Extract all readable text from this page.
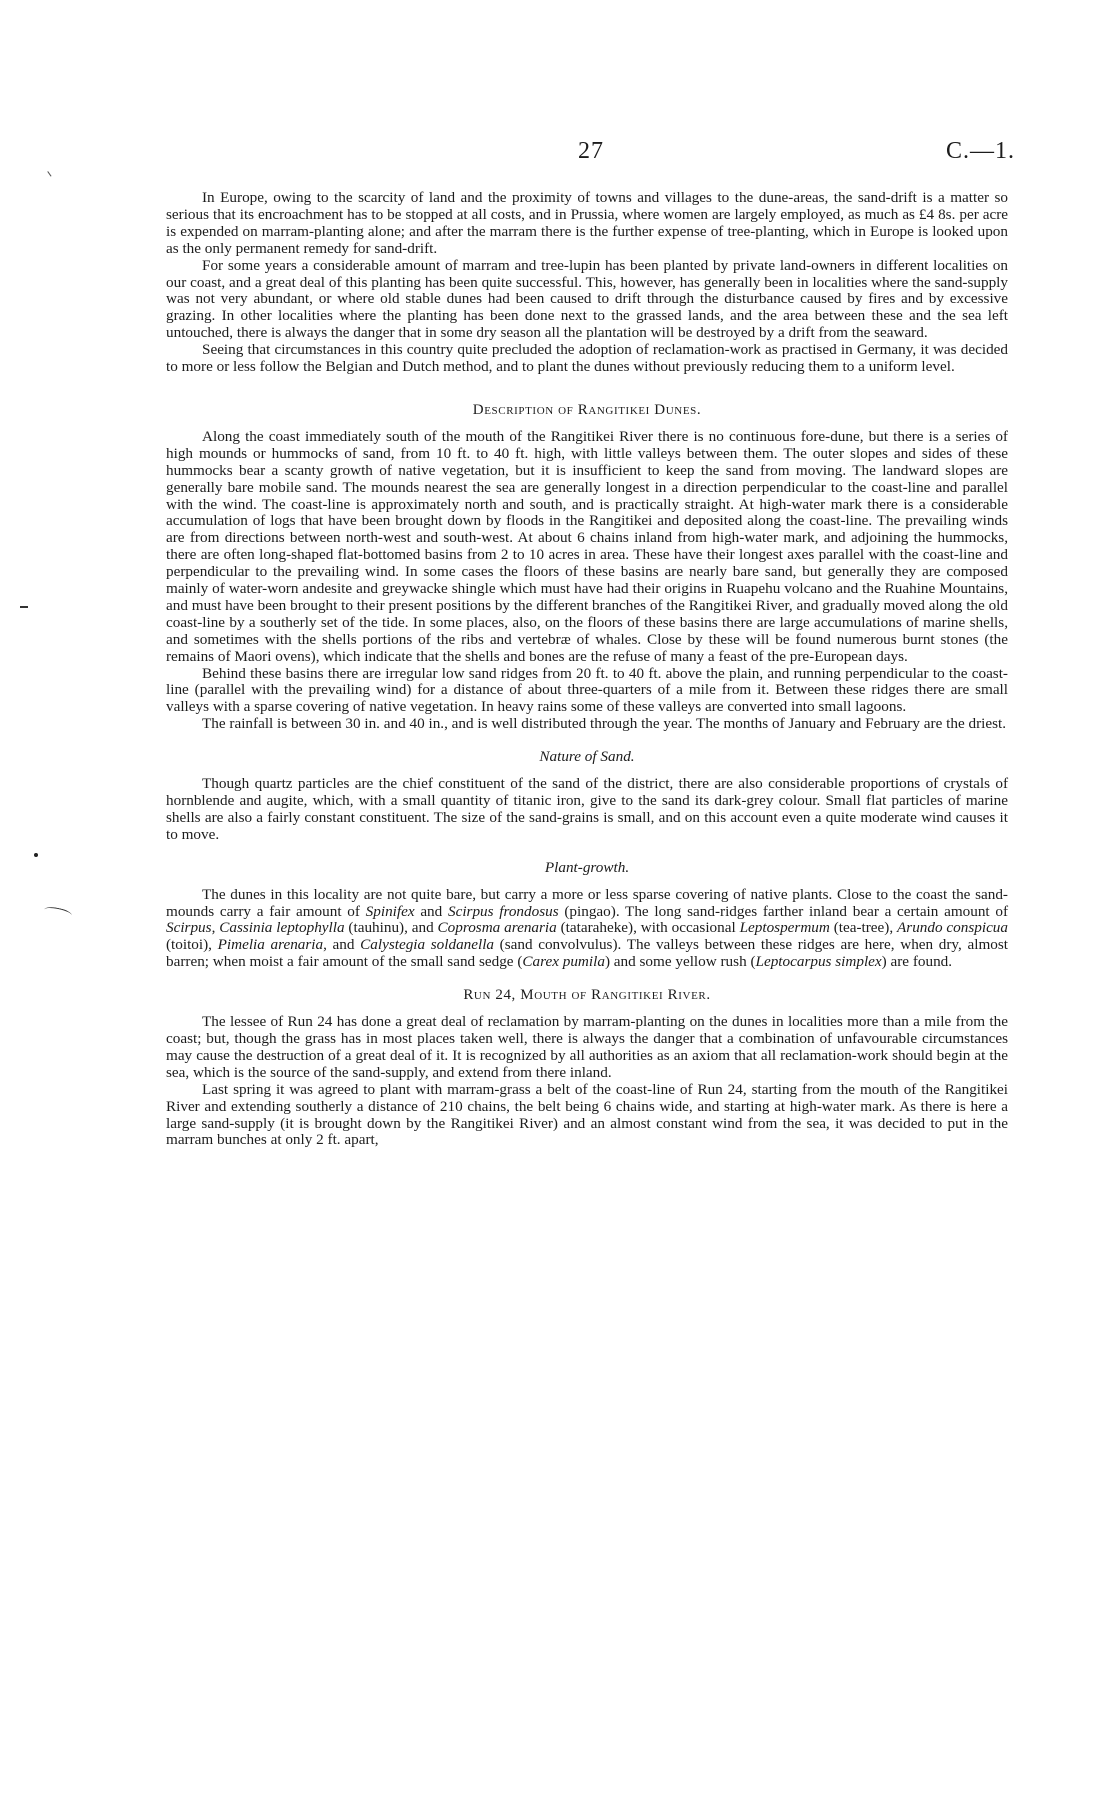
27	C.—1.

In Europe, owing to the scarcity of land and the proximity of towns and villages to the dune-areas, the sand-drift is a matter so serious that its encroachment has to be stopped at all costs, and in Prussia, where women are largely employed, as much as £4 8s. per acre is expended on marram-planting alone; and after the marram there is the further expense of tree-planting, which in Europe is looked upon as the only permanent remedy for sand-drift.

For some years a considerable amount of marram and tree-lupin has been planted by private land-owners in different localities on our coast, and a great deal of this planting has been quite successful. This, however, has generally been in localities where the sand-supply was not very abundant, or where old stable dunes had been caused to drift through the disturbance caused by fires and by excessive grazing. In other localities where the planting has been done next to the grassed lands, and the area between these and the sea left untouched, there is always the danger that in some dry season all the plantation will be destroyed by a drift from the seaward.

Seeing that circumstances in this country quite precluded the adoption of reclamation-work as practised in Germany, it was decided to more or less follow the Belgian and Dutch method, and to plant the dunes without previously reducing them to a uniform level.

Description of Rangitikei Dunes.

Along the coast immediately south of the mouth of the Rangitikei River there is no continuous fore-dune, but there is a series of high mounds or hummocks of sand, from 10 ft. to 40 ft. high, with little valleys between them. The outer slopes and sides of these hummocks bear a scanty growth of native vegetation, but it is insufficient to keep the sand from moving. The landward slopes are generally bare mobile sand. The mounds nearest the sea are generally longest in a direction perpendicular to the coast-line and parallel with the wind. The coast-line is approximately north and south, and is practically straight. At high-water mark there is a considerable accumulation of logs that have been brought down by floods in the Rangitikei and deposited along the coast-line. The prevailing winds are from directions between north-west and south-west. At about 6 chains inland from high-water mark, and adjoining the hummocks, there are often long-shaped flat-bottomed basins from 2 to 10 acres in area. These have their longest axes parallel with the coast-line and perpendicular to the prevailing wind. In some cases the floors of these basins are nearly bare sand, but generally they are composed mainly of water-worn andesite and greywacke shingle which must have had their origins in Ruapehu volcano and the Ruahine Mountains, and must have been brought to their present positions by the different branches of the Rangitikei River, and gradually moved along the old coast-line by a southerly set of the tide. In some places, also, on the floors of these basins there are large accumulations of marine shells, and sometimes with the shells portions of the ribs and vertebræ of whales. Close by these will be found numerous burnt stones (the remains of Maori ovens), which indicate that the shells and bones are the refuse of many a feast of the pre-European days.

Behind these basins there are irregular low sand ridges from 20 ft. to 40 ft. above the plain, and running perpendicular to the coast-line (parallel with the prevailing wind) for a distance of about three-quarters of a mile from it. Between these ridges there are small valleys with a sparse covering of native vegetation. In heavy rains some of these valleys are converted into small lagoons.

The rainfall is between 30 in. and 40 in., and is well distributed through the year. The months of January and February are the driest.

Nature of Sand.

Though quartz particles are the chief constituent of the sand of the district, there are also considerable proportions of crystals of hornblende and augite, which, with a small quantity of titanic iron, give to the sand its dark-grey colour. Small flat particles of marine shells are also a fairly constant constituent. The size of the sand-grains is small, and on this account even a quite moderate wind causes it to move.

Plant-growth.

The dunes in this locality are not quite bare, but carry a more or less sparse covering of native plants. Close to the coast the sand-mounds carry a fair amount of Spinifex and Scirpus frondosus (pingao). The long sand-ridges farther inland bear a certain amount of Scirpus, Cassinia leptophylla (tauhinu), and Coprosma arenaria (tataraheke), with occasional Leptospermum (tea-tree), Arundo conspicua (toitoi), Pimelia arenaria, and Calystegia soldanella (sand convolvulus). The valleys between these ridges are here, when dry, almost barren; when moist a fair amount of the small sand sedge (Carex pumila) and some yellow rush (Leptocarpus simplex) are found.

Run 24, Mouth of Rangitikei River.

The lessee of Run 24 has done a great deal of reclamation by marram-planting on the dunes in localities more than a mile from the coast; but, though the grass has in most places taken well, there is always the danger that a combination of unfavourable circumstances may cause the destruction of a great deal of it. It is recognized by all authorities as an axiom that all reclamation-work should begin at the sea, which is the source of the sand-supply, and extend from there inland.

Last spring it was agreed to plant with marram-grass a belt of the coast-line of Run 24, starting from the mouth of the Rangitikei River and extending southerly a distance of 210 chains, the belt being 6 chains wide, and starting at high-water mark. As there is here a large sand-supply (it is brought down by the Rangitikei River) and an almost constant wind from the sea, it was decided to put in the marram bunches at only 2 ft. apart,
